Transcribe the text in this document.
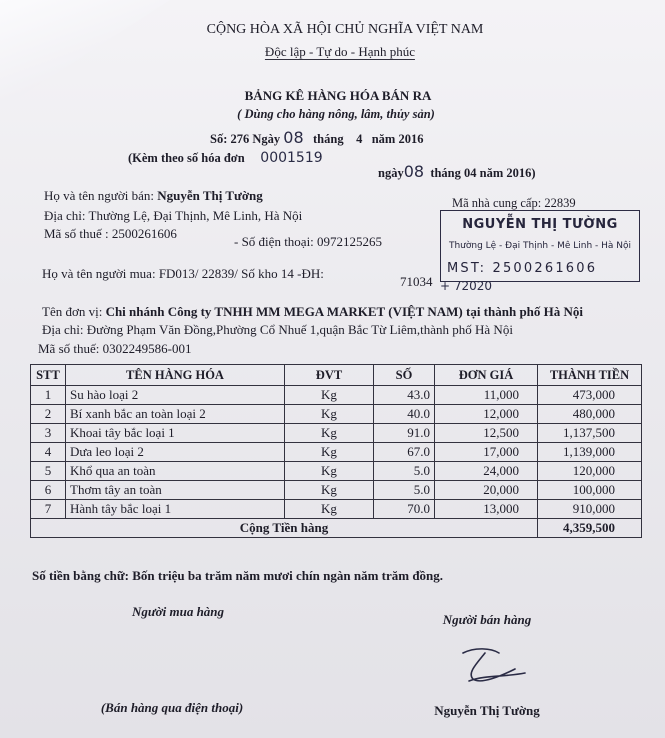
CỘNG HÒA XÃ HỘI CHỦ NGHĨA VIỆT NAM
Độc lập - Tự do - Hạnh phúc
BẢNG KÊ HÀNG HÓA BÁN RA
( Dùng cho hàng nông, lâm, thủy sản)
Số: 276 Ngày 08 tháng 4 năm 2016
(Kèm theo số hóa đơn 0001519
ngày08 tháng 04 năm 2016)
Họ và tên người bán: Nguyễn Thị Tường
Địa chỉ: Thường Lệ, Đại Thịnh, Mê Linh, Hà Nội
Mã số thuế : 2500261606
- Số điện thoại: 0972125265
Mã nhà cung cấp: 22839
NGUYỄN THỊ TƯỜNG
Thường Lệ - Đại Thịnh - Mê Linh - Hà Nội
MST: 2500261606
Họ và tên người mua: FD013/ 22839/ Số kho 14 -ĐH:
71034 + 72020
Tên đơn vị: Chi nhánh Công ty TNHH MM MEGA MARKET (VIỆT NAM) tại thành phố Hà Nội
Địa chỉ: Đường Phạm Văn Đồng,Phường Cổ Nhuế 1,quận Bắc Từ Liêm,thành phố Hà Nội
Mã số thuế: 0302249586-001
STT	TÊN HÀNG HÓA	ĐVT	SỐ	ĐƠN GIÁ	THÀNH TIỀN
1	Su hào loại 2	Kg	43.0	11,000	473,000
2	Bí xanh bắc an toàn loại 2	Kg	40.0	12,000	480,000
3	Khoai tây bắc loại 1	Kg	91.0	12,500	1,137,500
4	Dưa leo loại 2	Kg	67.0	17,000	1,139,000
5	Khổ qua an toàn	Kg	5.0	24,000	120,000
6	Thơm tây an toàn	Kg	5.0	20,000	100,000
7	Hành tây bắc loại 1	Kg	70.0	13,000	910,000
Cộng Tiền hàng					4,359,500
Số tiền bằng chữ: Bốn triệu ba trăm năm mươi chín ngàn năm trăm đồng.
Người mua hàng
(Bán hàng qua điện thoại)
Người bán hàng
Nguyễn Thị Tường
